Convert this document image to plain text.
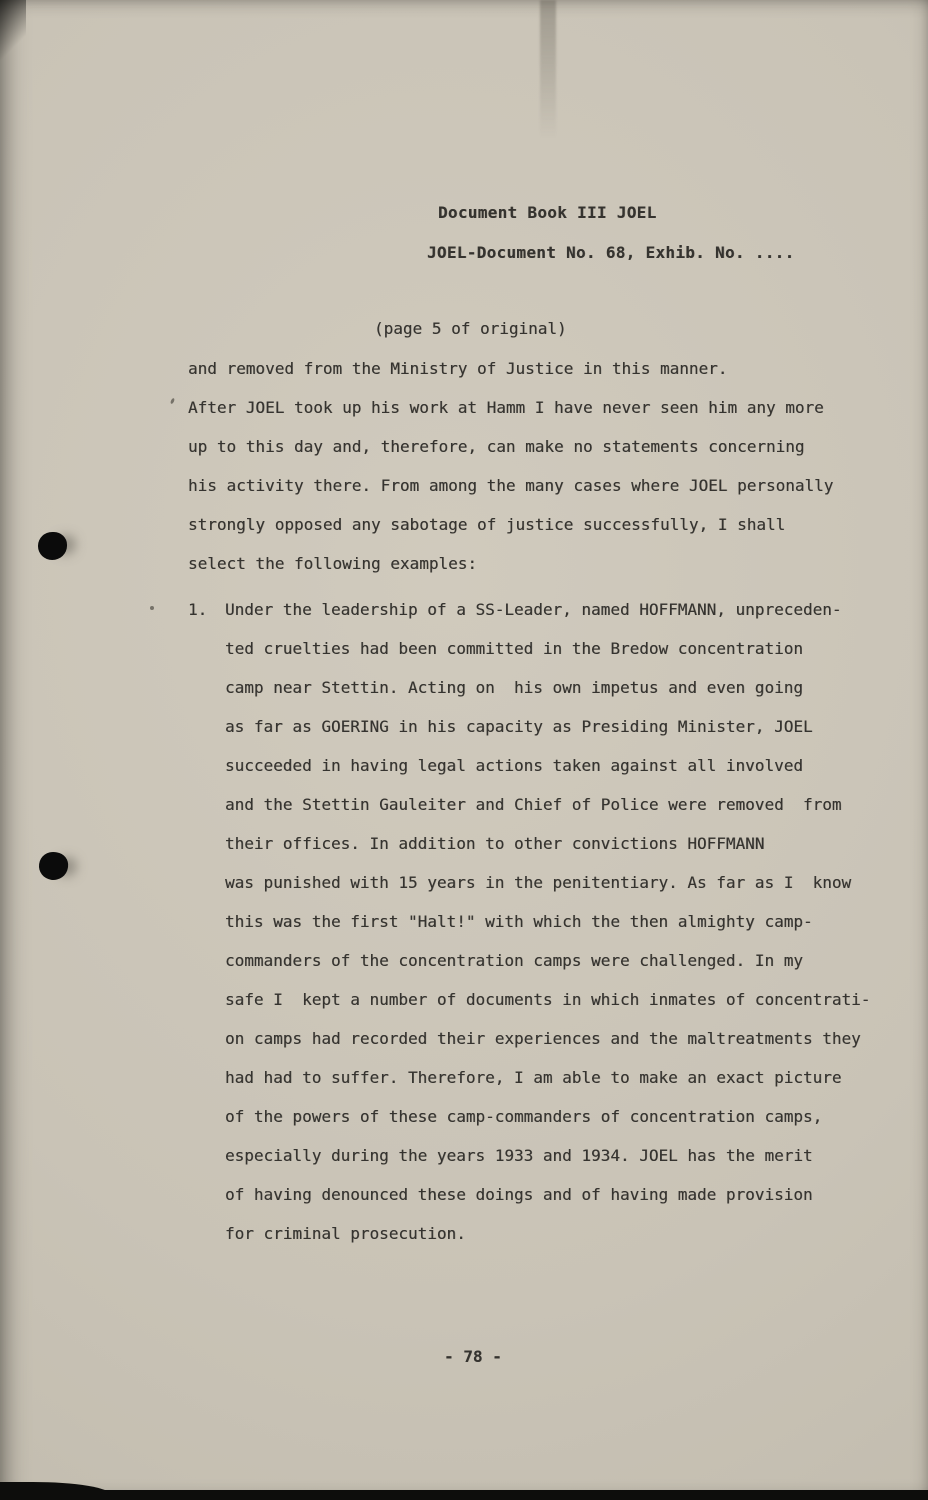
Document Book III JOEL
JOEL-Document No. 68, Exhib. No. ....
(page 5 of original)
and removed from the Ministry of Justice in this manner.
After JOEL took up his work at Hamm I have never seen him any more
up to this day and, therefore, can make no statements concerning
his activity there. From among the many cases where JOEL personally
strongly opposed any sabotage of justice successfully, I shall
select the following examples:
1. Under the leadership of a SS-Leader, named HOFFMANN, unpreceden-
ted cruelties had been committed in the Bredow concentration
camp near Stettin. Acting on  his own impetus and even going
as far as GOERING in his capacity as Presiding Minister, JOEL
succeeded in having legal actions taken against all involved
and the Stettin Gauleiter and Chief of Police were removed  from
their offices. In addition to other convictions HOFFMANN
was punished with 15 years in the penitentiary. As far as I  know
this was the first "Halt!" with which the then almighty camp-
commanders of the concentration camps were challenged. In my
safe I  kept a number of documents in which inmates of concentrati-
on camps had recorded their experiences and the maltreatments they
had had to suffer. Therefore, I am able to make an exact picture
of the powers of these camp-commanders of concentration camps,
especially during the years 1933 and 1934. JOEL has the merit
of having denounced these doings and of having made provision
for criminal prosecution.
- 78 -
